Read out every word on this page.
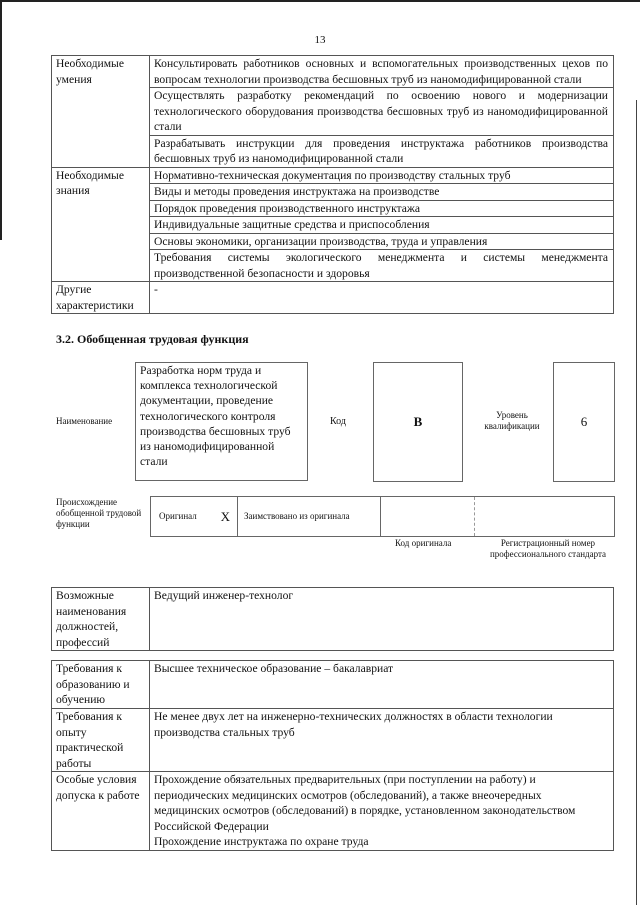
13
Необходимые умения	Консультировать работников основных и вспомогательных производственных цехов по вопросам технологии производства бесшовных труб из наномодифицированной стали
	Осуществлять разработку рекомендаций по освоению нового и модернизации технологического оборудования производства бесшовных труб из наномодифицированной стали
	Разрабатывать инструкции для проведения инструктажа работников производства бесшовных труб из наномодифицированной стали
Необходимые знания	Нормативно-техническая документация по производству стальных труб
	Виды и методы проведения инструктажа на производстве
	Порядок проведения производственного инструктажа
	Индивидуальные защитные средства и приспособления
	Основы экономики, организации производства, труда и управления
	Требования системы экологического менеджмента и системы менеджмента производственной безопасности и здоровья
Другие характеристики	-
3.2. Обобщенная трудовая функция
Наименование
Разработка норм труда и комплекса технологической документации, проведение технологического контроля производства бесшовных труб из наномодифицированной стали
Код	B	Уровень квалификации	6
Происхождение обобщенной трудовой функции
Оригинал X Заимствовано из оригинала
Код оригинала	Регистрационный номер профессионального стандарта
Возможные наименования должностей, профессий	Ведущий инженер-технолог
Требования к образованию и обучению	Высшее техническое образование – бакалавриат
Требования к опыту практической работы	Не менее двух лет на инженерно-технических должностях в области технологии производства стальных труб
Особые условия допуска к работе	Прохождение обязательных предварительных (при поступлении на работу) и периодических медицинских осмотров (обследований), а также внеочередных медицинских осмотров (обследований) в порядке, установленном законодательством Российской Федерации
Прохождение инструктажа по охране труда
